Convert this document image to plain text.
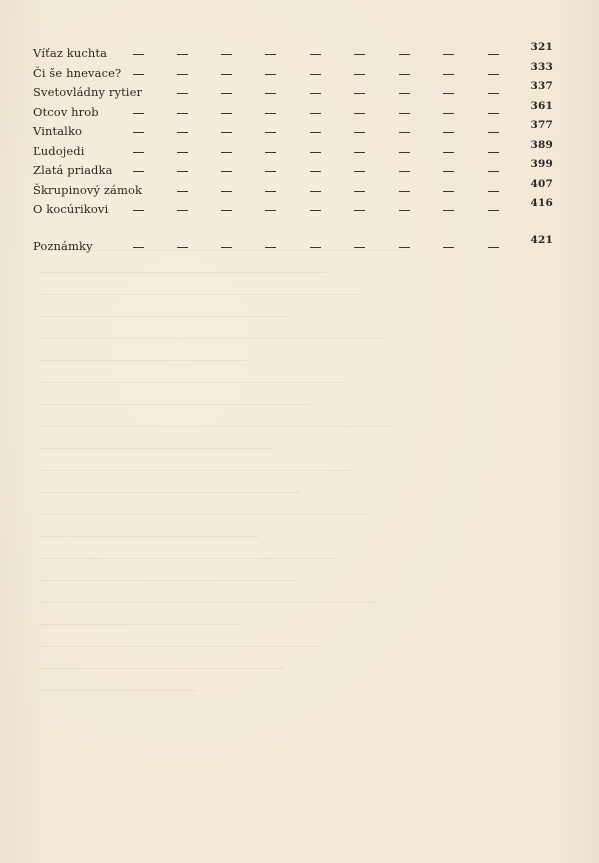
Víťaz kuchta	321
Či še hnevace?	333
Svetovládny rytier	337
Otcov hrob	361
Vintalko	377
Ľudojedi	389
Zlatá priadka	399
Škrupinový zámok	407
O kocúrikovi	416
Poznámky	421
